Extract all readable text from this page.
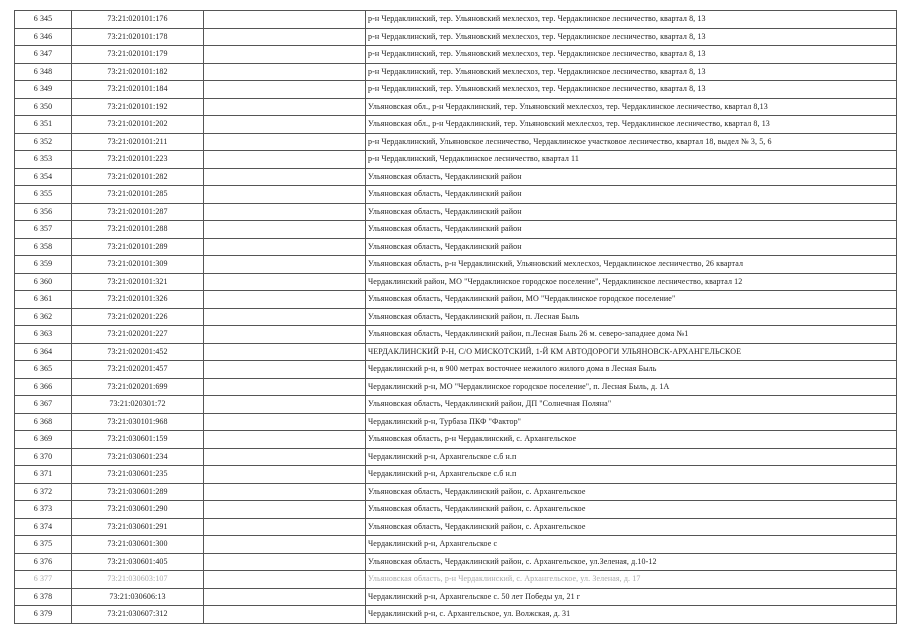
6 345	73:21:020101:176		р-н Чердаклинский, тер. Ульяновский мехлесхоз, тер. Чердаклинское лесничество, квартал 8, 13
6 346	73:21:020101:178		р-н Чердаклинский, тер. Ульяновский мехлесхоз, тер. Чердаклинское лесничество, квартал 8, 13
6 347	73:21:020101:179		р-н Чердаклинский, тер. Ульяновский мехлесхоз, тер. Чердаклинское лесничество, квартал 8, 13
6 348	73:21:020101:182		р-н Чердаклинский, тер. Ульяновский мехлесхоз, тер. Чердаклинское лесничество, квартал 8, 13
6 349	73:21:020101:184		р-н Чердаклинский, тер. Ульяновский мехлесхоз, тер. Чердаклинское лесничество, квартал 8, 13
6 350	73:21:020101:192		Ульяновская обл., р-н Чердаклинский, тер. Ульяновский мехлесхоз, тер. Чердаклинское лесничество, квартал 8,13
6 351	73:21:020101:202		Ульяновская обл., р-н Чердаклинский, тер. Ульяновский мехлесхоз, тер. Чердаклинское лесничество, квартал 8, 13
6 352	73:21:020101:211		р-н Чердаклинский, Ульяновское лесничество, Чердаклинское участковое лесничество, квартал 18, выдел № 3, 5, 6
6 353	73:21:020101:223		р-н Чердаклинский, Чердаклинское лесничество, квартал 11
6 354	73:21:020101:282		Ульяновская область, Чердаклинский район
6 355	73:21:020101:285		Ульяновская область, Чердаклинский район
6 356	73:21:020101:287		Ульяновская область, Чердаклинский район
6 357	73:21:020101:288		Ульяновская область, Чердаклинский район
6 358	73:21:020101:289		Ульяновская область, Чердаклинский район
6 359	73:21:020101:309		Ульяновская область, р-н Чердаклинский, Ульяновский мехлесхоз, Чердаклинское лесничество, 26 квартал
6 360	73:21:020101:321		Чердаклинский район, МО "Чердаклинское городское поселение", Чердаклинское лесничество, квартал 12
6 361	73:21:020101:326		Ульяновская область, Чердаклинский район, МО "Чердаклинское городское поселение"
6 362	73:21:020201:226		Ульяновская область, Чердаклинский район, п. Лесная Быль
6 363	73:21:020201:227		Ульяновская область, Чердаклинский район, п.Лесная Быль 26 м. северо-западнее дома №1
6 364	73:21:020201:452		ЧЕРДАКЛИНСКИЙ Р-Н, С/О МИСКОТСКИЙ, 1-Й КМ АВТОДОРОГИ УЛЬЯНОВСК-АРХАНГЕЛЬСКОЕ
6 365	73:21:020201:457		Чердаклинский р-н, в 900 метрах восточнее нежилого жилого дома в Лесная Быль
6 366	73:21:020201:699		Чердаклинский р-н, МО "Чердаклинское городское поселение", п. Лесная Быль, д. 1А
6 367	73:21:020301:72		Ульяновская область, Чердаклинский район, ДП "Солнечная Поляна"
6 368	73:21:030101:968		Чердаклинский р-н, Турбаза ПКФ "Фактор"
6 369	73:21:030601:159		Ульяновская область, р-н Чердаклинский, с. Архангельское
6 370	73:21:030601:234		Чердаклинский р-н, Архангельское с.б н.п
6 371	73:21:030601:235		Чердаклинский р-н, Архангельское с.б н.п
6 372	73:21:030601:289		Ульяновская область, Чердаклинский район, с. Архангельское
6 373	73:21:030601:290		Ульяновская область, Чердаклинский район, с. Архангельское
6 374	73:21:030601:291		Ульяновская область, Чердаклинский район, с. Архангельское
6 375	73:21:030601:300		Чердаклинский р-н, Архангельское с
6 376	73:21:030601:405		Ульяновская область, Чердаклинский район, с. Архангельское, ул.Зеленая, д.10-12
6 377	73:21:030603:107		Ульяновская область, р-н Чердаклинский, с. Архангельское, ул. Зеленая, д. 17
6 378	73:21:030606:13		Чердаклинский р-н, Архангельское с. 50 лет Победы ул, 21 г
6 379	73:21:030607:312		Чердаклинский р-н, с. Архангельское, ул. Волжская, д. 31
